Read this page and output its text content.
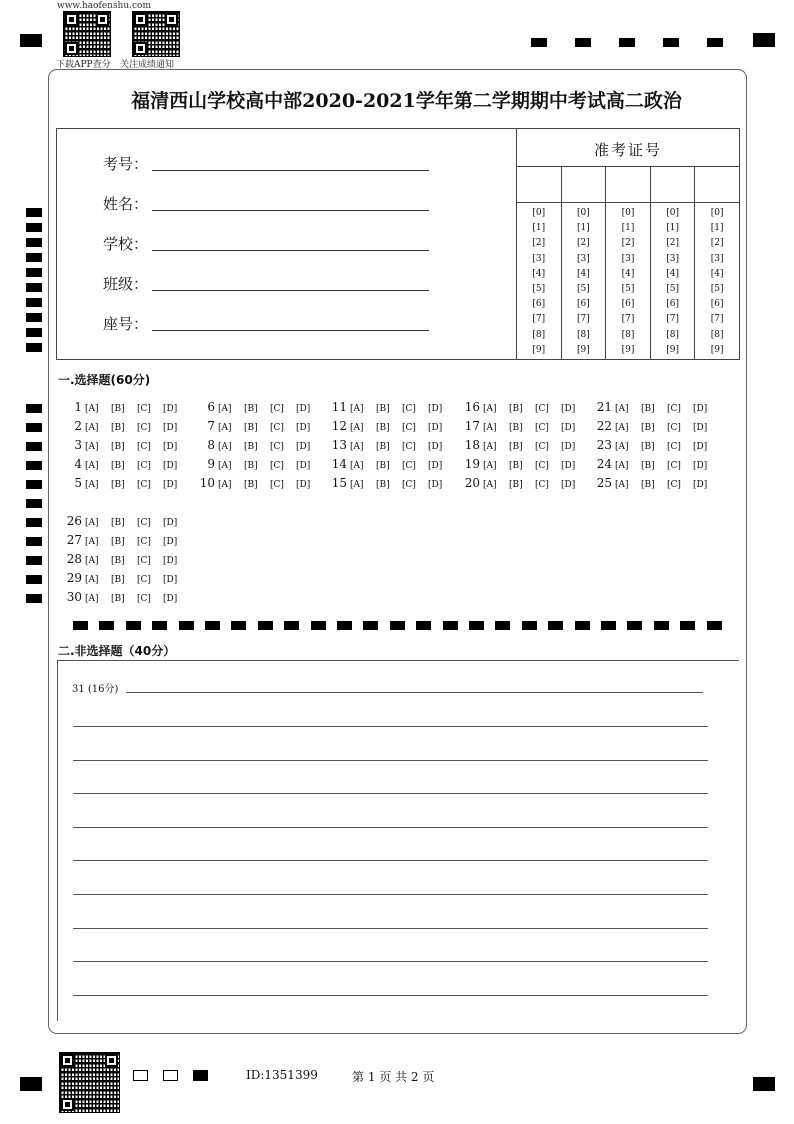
www.haofenshu.com
下载APP查分 关注成绩通知
福清西山学校高中部2020-2021学年第二学期期中考试高二政治
考号：
姓名：
学校：
班级：
座号：
准考证号
[0]
[1]
[2]
[3]
[4]
[5]
[6]
[7]
[8]
[9]
[0]
[1]
[2]
[3]
[4]
[5]
[6]
[7]
[8]
[9]
[0]
[1]
[2]
[3]
[4]
[5]
[6]
[7]
[8]
[9]
[0]
[1]
[2]
[3]
[4]
[5]
[6]
[7]
[8]
[9]
[0]
[1]
[2]
[3]
[4]
[5]
[6]
[7]
[8]
[9]
一.选择题(60分)
1 [A] [B] [C] [D]
2 [A] [B] [C] [D]
3 [A] [B] [C] [D]
4 [A] [B] [C] [D]
5 [A] [B] [C] [D]
6 [A] [B] [C] [D]
7 [A] [B] [C] [D]
8 [A] [B] [C] [D]
9 [A] [B] [C] [D]
10 [A] [B] [C] [D]
11 [A] [B] [C] [D]
12 [A] [B] [C] [D]
13 [A] [B] [C] [D]
14 [A] [B] [C] [D]
15 [A] [B] [C] [D]
16 [A] [B] [C] [D]
17 [A] [B] [C] [D]
18 [A] [B] [C] [D]
19 [A] [B] [C] [D]
20 [A] [B] [C] [D]
21 [A] [B] [C] [D]
22 [A] [B] [C] [D]
23 [A] [B] [C] [D]
24 [A] [B] [C] [D]
25 [A] [B] [C] [D]
26 [A] [B] [C] [D]
27 [A] [B] [C] [D]
28 [A] [B] [C] [D]
29 [A] [B] [C] [D]
30 [A] [B] [C] [D]
二.非选择题（40分）
31 (16分)
ID:1351399	第 1 页 共 2 页
